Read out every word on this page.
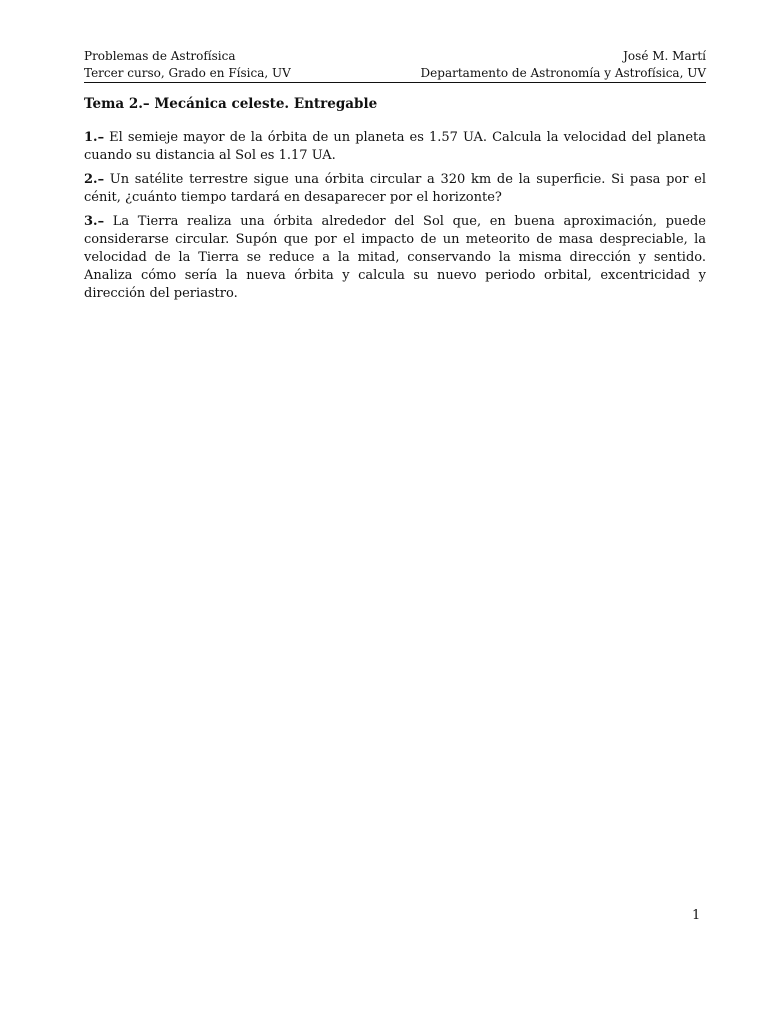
Problemas de Astrofísica
Tercer curso, Grado en Física, UV
José M. Martí
Departamento de Astronomía y Astrofísica, UV
Tema 2.– Mecánica celeste. Entregable

1.– El semieje mayor de la órbita de un planeta es 1.57 UA. Calcula la velocidad del planeta cuando su distancia al Sol es 1.17 UA.

2.– Un satélite terrestre sigue una órbita circular a 320 km de la superficie. Si pasa por el cénit, ¿cuánto tiempo tardará en desaparecer por el horizonte?

3.– La Tierra realiza una órbita alrededor del Sol que, en buena aproximación, puede considerarse circular. Supón que por el impacto de un meteorito de masa despreciable, la velocidad de la Tierra se reduce a la mitad, conservando la misma dirección y sentido. Analiza cómo sería la nueva órbita y calcula su nuevo periodo orbital, excentricidad y dirección del periastro.

1
